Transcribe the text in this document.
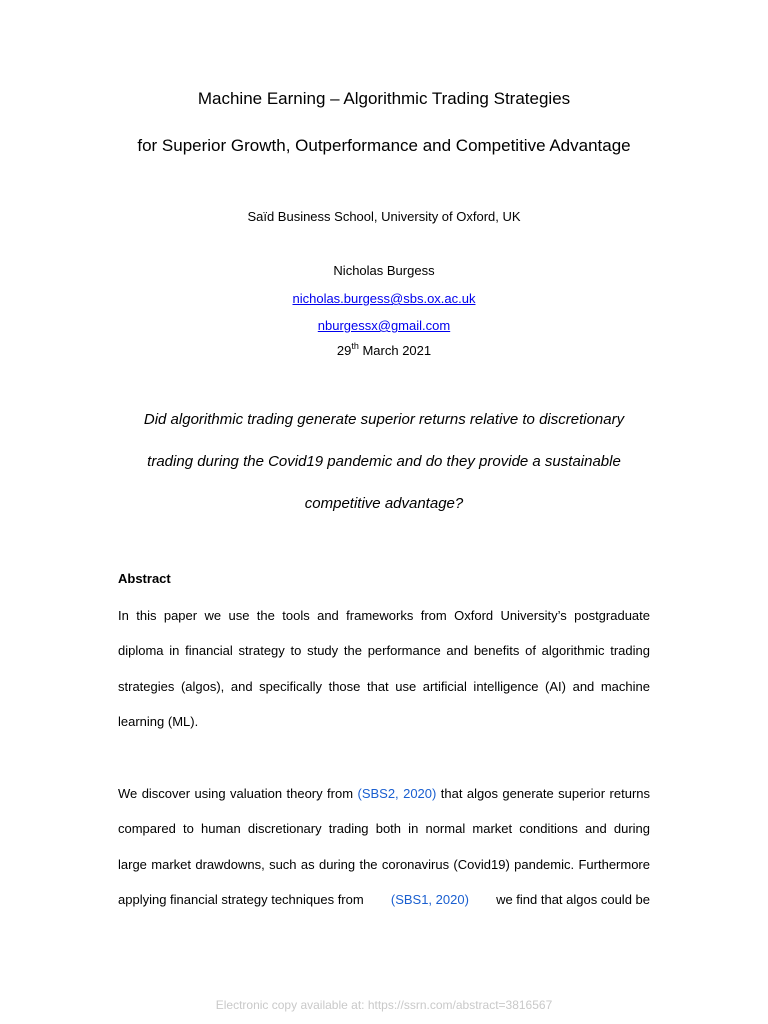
Machine Earning – Algorithmic Trading Strategies
for Superior Growth, Outperformance and Competitive Advantage
Saïd Business School, University of Oxford, UK
Nicholas Burgess
nicholas.burgess@sbs.ox.ac.uk
nburgessx@gmail.com
29th March 2021
Did algorithmic trading generate superior returns relative to discretionary
trading during the Covid19 pandemic and do they provide a sustainable
competitive advantage?
Abstract
In this paper we use the tools and frameworks from Oxford University’s postgraduate
diploma in financial strategy to study the performance and benefits of algorithmic trading
strategies (algos), and specifically those that use artificial intelligence (AI) and machine
learning (ML).
We discover using valuation theory from (SBS2, 2020) that algos generate superior returns
compared to human discretionary trading both in normal market conditions and during
large market drawdowns, such as during the coronavirus (Covid19) pandemic. Furthermore
applying financial strategy techniques from (SBS1, 2020) we find that algos could be
Electronic copy available at: https://ssrn.com/abstract=3816567
